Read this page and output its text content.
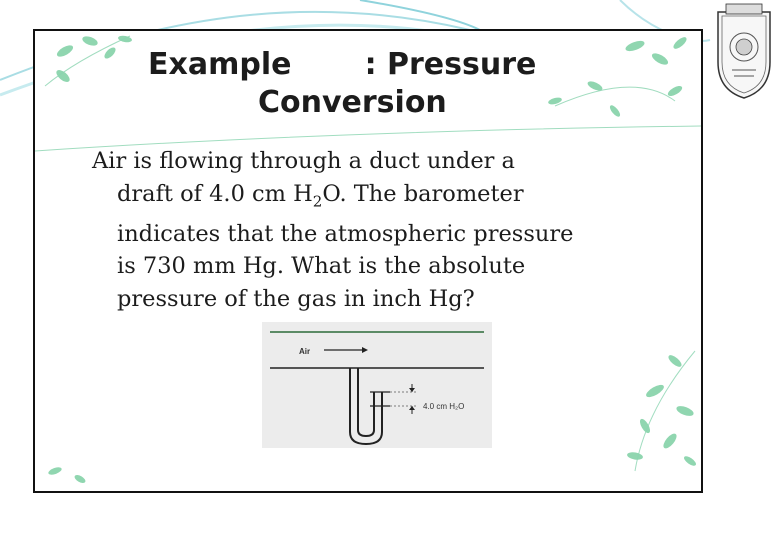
Example       : Pressure
Conversion

Air is flowing through a duct under a

draft of 4.0 cm $H_2O$. The barometer

indicates that the atmospheric pressure

is 730 mm Hg. What is the absolute

pressure of the gas in inch Hg?

Air
4.0 cm H₂O
